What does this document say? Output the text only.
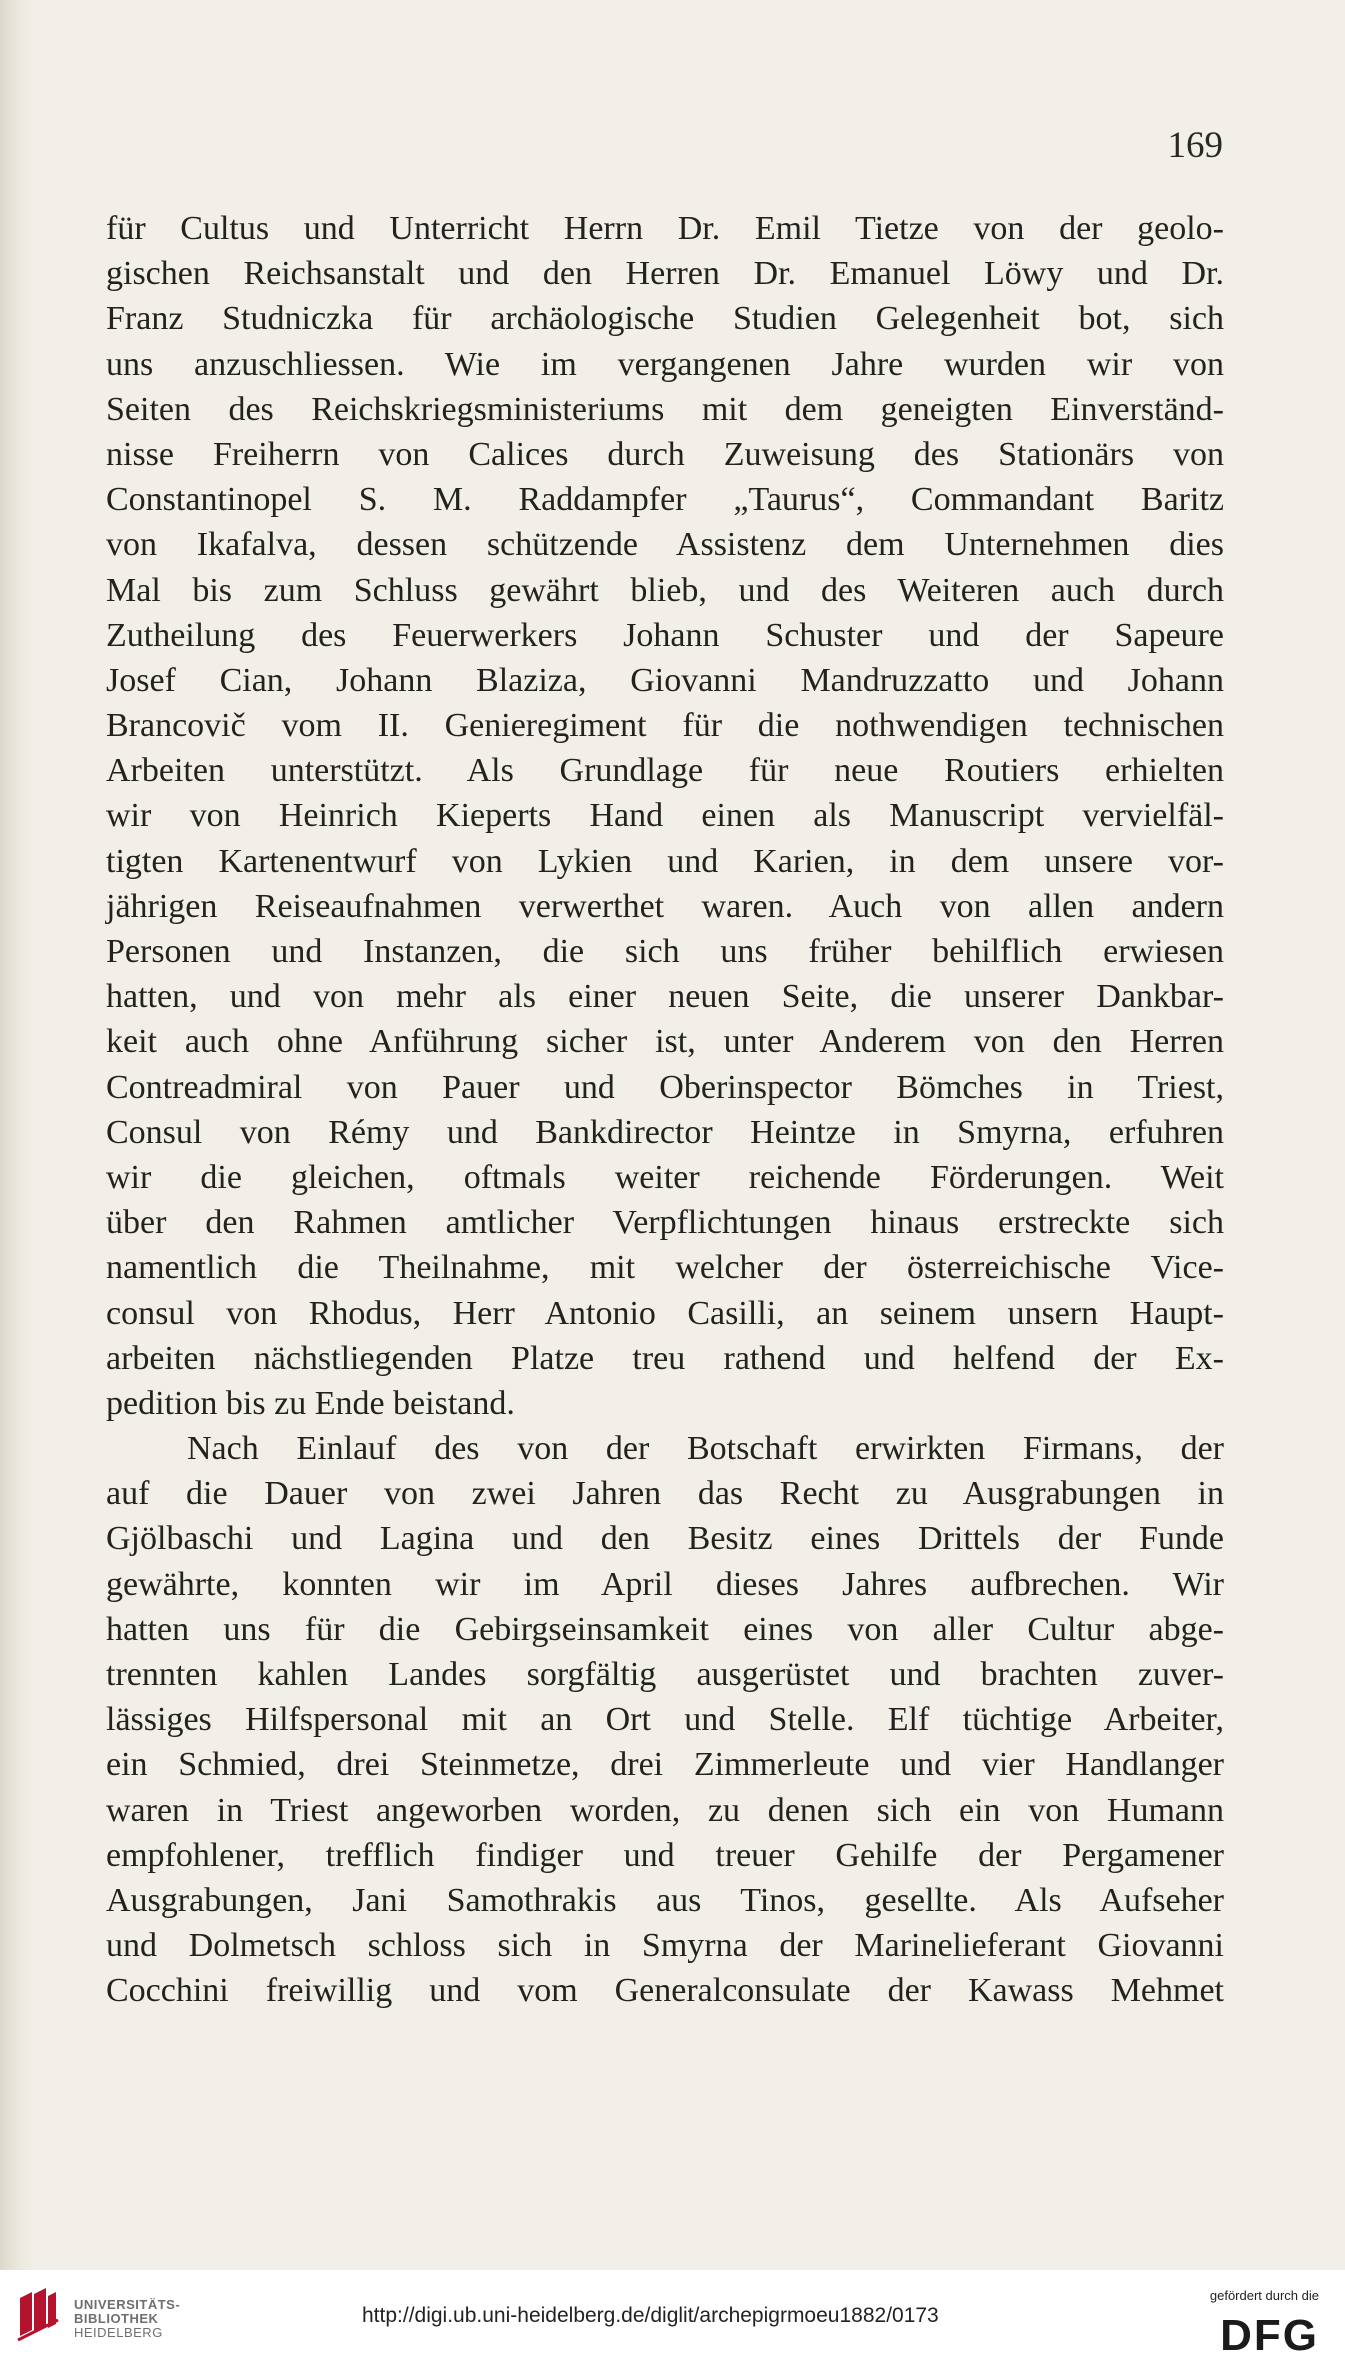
169
für Cultus und Unterricht Herrn Dr. Emil Tietze von der geolo-
gischen Reichsanstalt und den Herren Dr. Emanuel Löwy und Dr.
Franz Studniczka für archäologische Studien Gelegenheit bot, sich
uns anzuschliessen. Wie im vergangenen Jahre wurden wir von
Seiten des Reichskriegsministeriums mit dem geneigten Einverständ-
nisse Freiherrn von Calices durch Zuweisung des Stationärs von
Constantinopel S. M. Raddampfer „Taurus“, Commandant Baritz
von Ikafalva, dessen schützende Assistenz dem Unternehmen dies
Mal bis zum Schluss gewährt blieb, und des Weiteren auch durch
Zutheilung des Feuerwerkers Johann Schuster und der Sapeure
Josef Cian, Johann Blaziza, Giovanni Mandruzzatto und Johann
Brancovič vom II. Genieregiment für die nothwendigen technischen
Arbeiten unterstützt. Als Grundlage für neue Routiers erhielten
wir von Heinrich Kieperts Hand einen als Manuscript vervielfäl-
tigten Kartenentwurf von Lykien und Karien, in dem unsere vor-
jährigen Reiseaufnahmen verwerthet waren. Auch von allen andern
Personen und Instanzen, die sich uns früher behilflich erwiesen
hatten, und von mehr als einer neuen Seite, die unserer Dankbar-
keit auch ohne Anführung sicher ist, unter Anderem von den Herren
Contreadmiral von Pauer und Oberinspector Bömches in Triest,
Consul von Rémy und Bankdirector Heintze in Smyrna, erfuhren
wir die gleichen, oftmals weiter reichende Förderungen. Weit
über den Rahmen amtlicher Verpflichtungen hinaus erstreckte sich
namentlich die Theilnahme, mit welcher der österreichische Vice-
consul von Rhodus, Herr Antonio Casilli, an seinem unsern Haupt-
arbeiten nächstliegenden Platze treu rathend und helfend der Ex-
pedition bis zu Ende beistand.
Nach Einlauf des von der Botschaft erwirkten Firmans, der
auf die Dauer von zwei Jahren das Recht zu Ausgrabungen in
Gjölbaschi und Lagina und den Besitz eines Drittels der Funde
gewährte, konnten wir im April dieses Jahres aufbrechen. Wir
hatten uns für die Gebirgseinsamkeit eines von aller Cultur abge-
trennten kahlen Landes sorgfältig ausgerüstet und brachten zuver-
lässiges Hilfspersonal mit an Ort und Stelle. Elf tüchtige Arbeiter,
ein Schmied, drei Steinmetze, drei Zimmerleute und vier Handlanger
waren in Triest angeworben worden, zu denen sich ein von Humann
empfohlener, trefflich findiger und treuer Gehilfe der Pergamener
Ausgrabungen, Jani Samothrakis aus Tinos, gesellte. Als Aufseher
und Dolmetsch schloss sich in Smyrna der Marinelieferant Giovanni
Cocchini freiwillig und vom Generalconsulate der Kawass Mehmet
UNIVERSITÄTS-
BIBLIOTHEK
HEIDELBERG
http://digi.ub.uni-heidelberg.de/diglit/archepigrmoeu1882/0173
gefördert durch die
DFG
